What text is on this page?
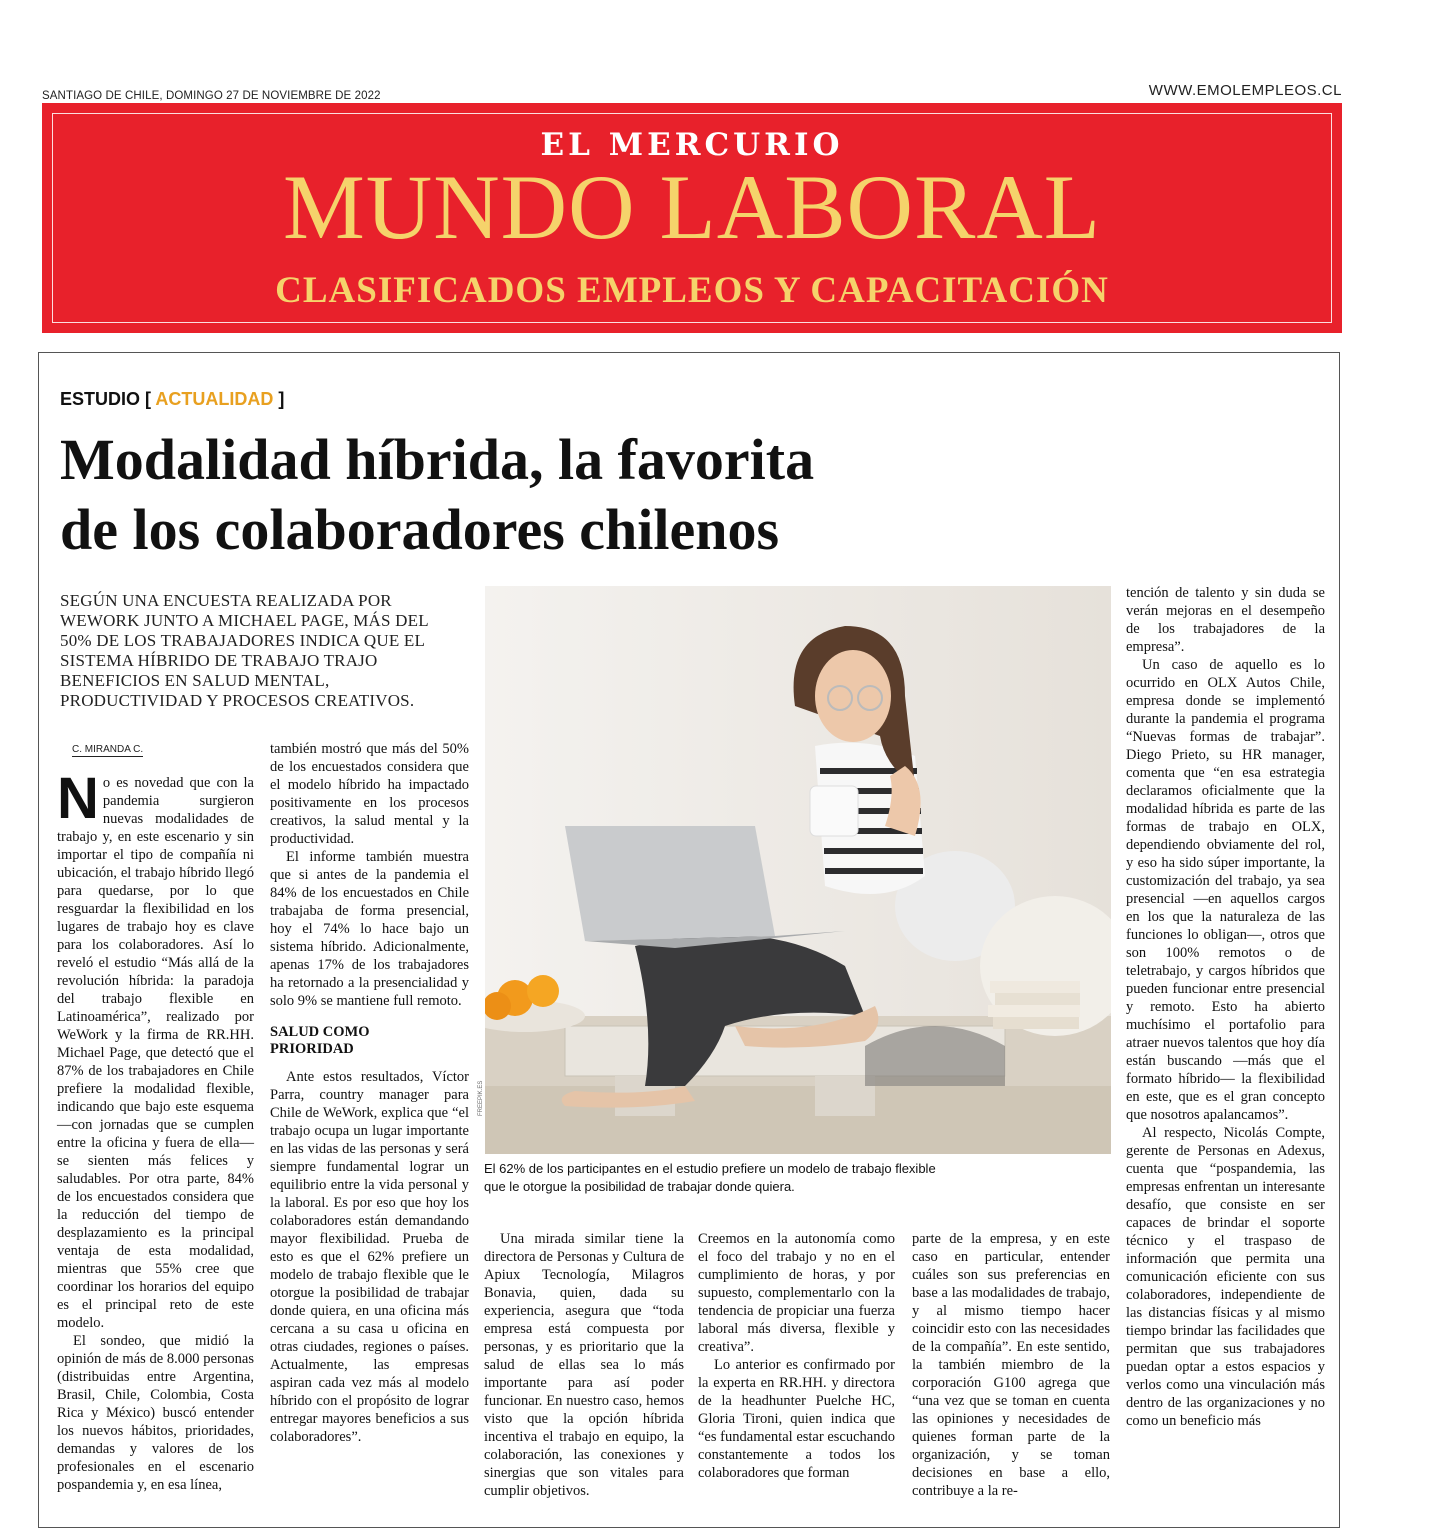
SANTIAGO DE CHILE, DOMINGO 27 DE NOVIEMBRE DE 2022	WWW.EMOLEMPLEOS.CL
EL MERCURIO
MUNDO LABORAL
CLASIFICADOS EMPLEOS Y CAPACITACIÓN
ESTUDIO [ ACTUALIDAD ]
Modalidad híbrida, la favorita
de los colaboradores chilenos
SEGÚN UNA ENCUESTA REALIZADA POR
WEWORK JUNTO A MICHAEL PAGE, MÁS DEL
50% DE LOS TRABAJADORES INDICA QUE EL
SISTEMA HÍBRIDO DE TRABAJO TRAJO
BENEFICIOS EN SALUD MENTAL,
PRODUCTIVIDAD Y PROCESOS CREATIVOS.
C. MIRANDA C.

No es novedad que con la pandemia surgieron nuevas modalidades de trabajo y, en este escenario y sin importar el tipo de compañía ni ubicación, el trabajo híbrido llegó para quedarse, por lo que resguardar la flexibilidad en los lugares de trabajo hoy es clave para los colaboradores. Así lo reveló el estudio “Más allá de la revolución híbrida: la paradoja del trabajo flexible en Latinoamérica”, realizado por WeWork y la firma de RR.HH. Michael Page, que detectó que el 87% de los trabajadores en Chile prefiere la modalidad flexible, indicando que bajo este esquema —con jornadas que se cumplen entre la oficina y fuera de ella— se sienten más felices y saludables. Por otra parte, 84% de los encuestados considera que la reducción del tiempo de desplazamiento es la principal ventaja de esta modalidad, mientras que 55% cree que coordinar los horarios del equipo es el principal reto de este modelo.

El sondeo, que midió la opinión de más de 8.000 personas (distribuidas entre Argentina, Brasil, Chile, Colombia, Costa Rica y México) buscó entender los nuevos hábitos, prioridades, demandas y valores de los profesionales en el escenario pospandemia y, en esa línea,

también mostró que más del 50% de los encuestados considera que el modelo híbrido ha impactado positivamente en los procesos creativos, la salud mental y la productividad.

El informe también muestra que si antes de la pandemia el 84% de los encuestados en Chile trabajaba de forma presencial, hoy el 74% lo hace bajo un sistema híbrido. Adicionalmente, apenas 17% de los trabajadores ha retornado a la presencialidad y solo 9% se mantiene full remoto.

SALUD COMO
PRIORIDAD

Ante estos resultados, Víctor Parra, country manager para Chile de WeWork, explica que “el trabajo ocupa un lugar importante en las vidas de las personas y será siempre fundamental lograr un equilibrio entre la vida personal y la laboral. Es por eso que hoy los colaboradores están demandando mayor flexibilidad. Prueba de esto es que el 62% prefiere un modelo de trabajo flexible que le otorgue la posibilidad de trabajar donde quiera, en una oficina más cercana a su casa u oficina en otras ciudades, regiones o países. Actualmente, las empresas aspiran cada vez más al modelo híbrido con el propósito de lograr entregar mayores beneficios a sus colaboradores”.

FREEPIK.ES
El 62% de los participantes en el estudio prefiere un modelo de trabajo flexible
que le otorgue la posibilidad de trabajar donde quiera.

Una mirada similar tiene la directora de Personas y Cultura de Apiux Tecnología, Milagros Bonavia, quien, dada su experiencia, asegura que “toda empresa está compuesta por personas, y es prioritario que la salud de ellas sea lo más importante para así poder funcionar. En nuestro caso, hemos visto que la opción híbrida incentiva el trabajo en equipo, la colaboración, las conexiones y sinergias que son vitales para cumplir objetivos.

Creemos en la autonomía como el foco del trabajo y no en el cumplimiento de horas, y por supuesto, complementarlo con la tendencia de propiciar una fuerza laboral más diversa, flexible y creativa”.

Lo anterior es confirmado por la experta en RR.HH. y directora de la headhunter Puelche HC, Gloria Tironi, quien indica que “es fundamental estar escuchando constantemente a todos los colaboradores que forman

parte de la empresa, y en este caso en particular, entender cuáles son sus preferencias en base a las modalidades de trabajo, y al mismo tiempo hacer coincidir esto con las necesidades de la compañía”. En este sentido, la también miembro de la corporación G100 agrega que “una vez que se toman en cuenta las opiniones y necesidades de quienes forman parte de la organización, y se toman decisiones en base a ello, contribuye a la re-

tención de talento y sin duda se verán mejoras en el desempeño de los trabajadores de la empresa”.

Un caso de aquello es lo ocurrido en OLX Autos Chile, empresa donde se implementó durante la pandemia el programa “Nuevas formas de trabajar”. Diego Prieto, su HR manager, comenta que “en esa estrategia declaramos oficialmente que la modalidad híbrida es parte de las formas de trabajo en OLX, dependiendo obviamente del rol, y eso ha sido súper importante, la customización del trabajo, ya sea presencial —en aquellos cargos en los que la naturaleza de las funciones lo obligan—, otros que son 100% remotos o de teletrabajo, y cargos híbridos que pueden funcionar entre presencial y remoto. Esto ha abierto muchísimo el portafolio para atraer nuevos talentos que hoy día están buscando —más que el formato híbrido— la flexibilidad en este, que es el gran concepto que nosotros apalancamos”.

Al respecto, Nicolás Compte, gerente de Personas en Adexus, cuenta que “pospandemia, las empresas enfrentan un interesante desafío, que consiste en ser capaces de brindar el soporte técnico y el traspaso de información que permita una comunicación eficiente con sus colaboradores, independiente de las distancias físicas y al mismo tiempo brindar las facilidades que permitan que sus trabajadores puedan optar a estos espacios y verlos como una vinculación más dentro de las organizaciones y no como un beneficio más
